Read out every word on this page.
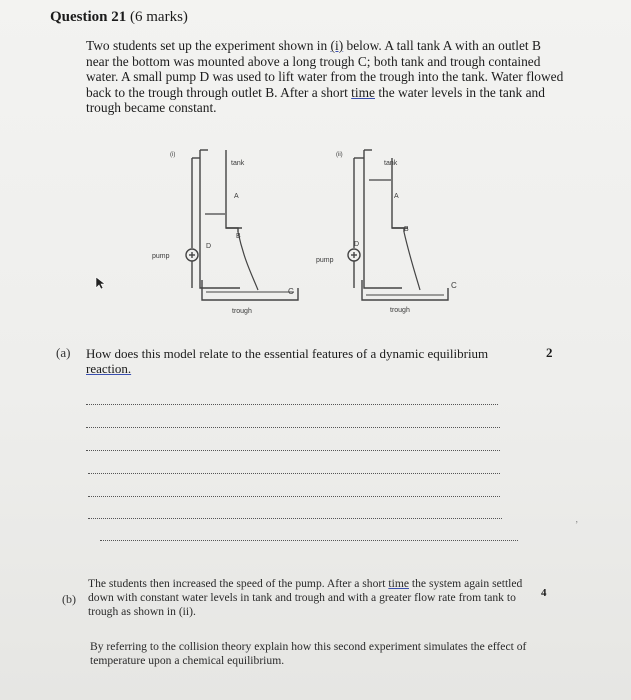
Question 21 (6 marks)
Two students set up the experiment shown in (i) below. A tall tank A with an outlet B near the bottom was mounted above a long trough C; both tank and trough contained water. A small pump D was used to lift water from the trough into the tank. Water flowed back to the trough through outlet B. After a short time the water levels in the tank and trough became constant.
(i)
tank
A
B
D
pump
C
trough
(ii)
tank
A
B
D
pump
C
trough
(a) How does this model relate to the essential features of a dynamic equilibrium reaction.
2
’
(b)
The students then increased the speed of the pump. After a short time the system again settled down with constant water levels in tank and trough and with a greater flow rate from tank to trough as shown in (ii).
4
By referring to the collision theory explain how this second experiment simulates the effect of temperature upon a chemical equilibrium.
